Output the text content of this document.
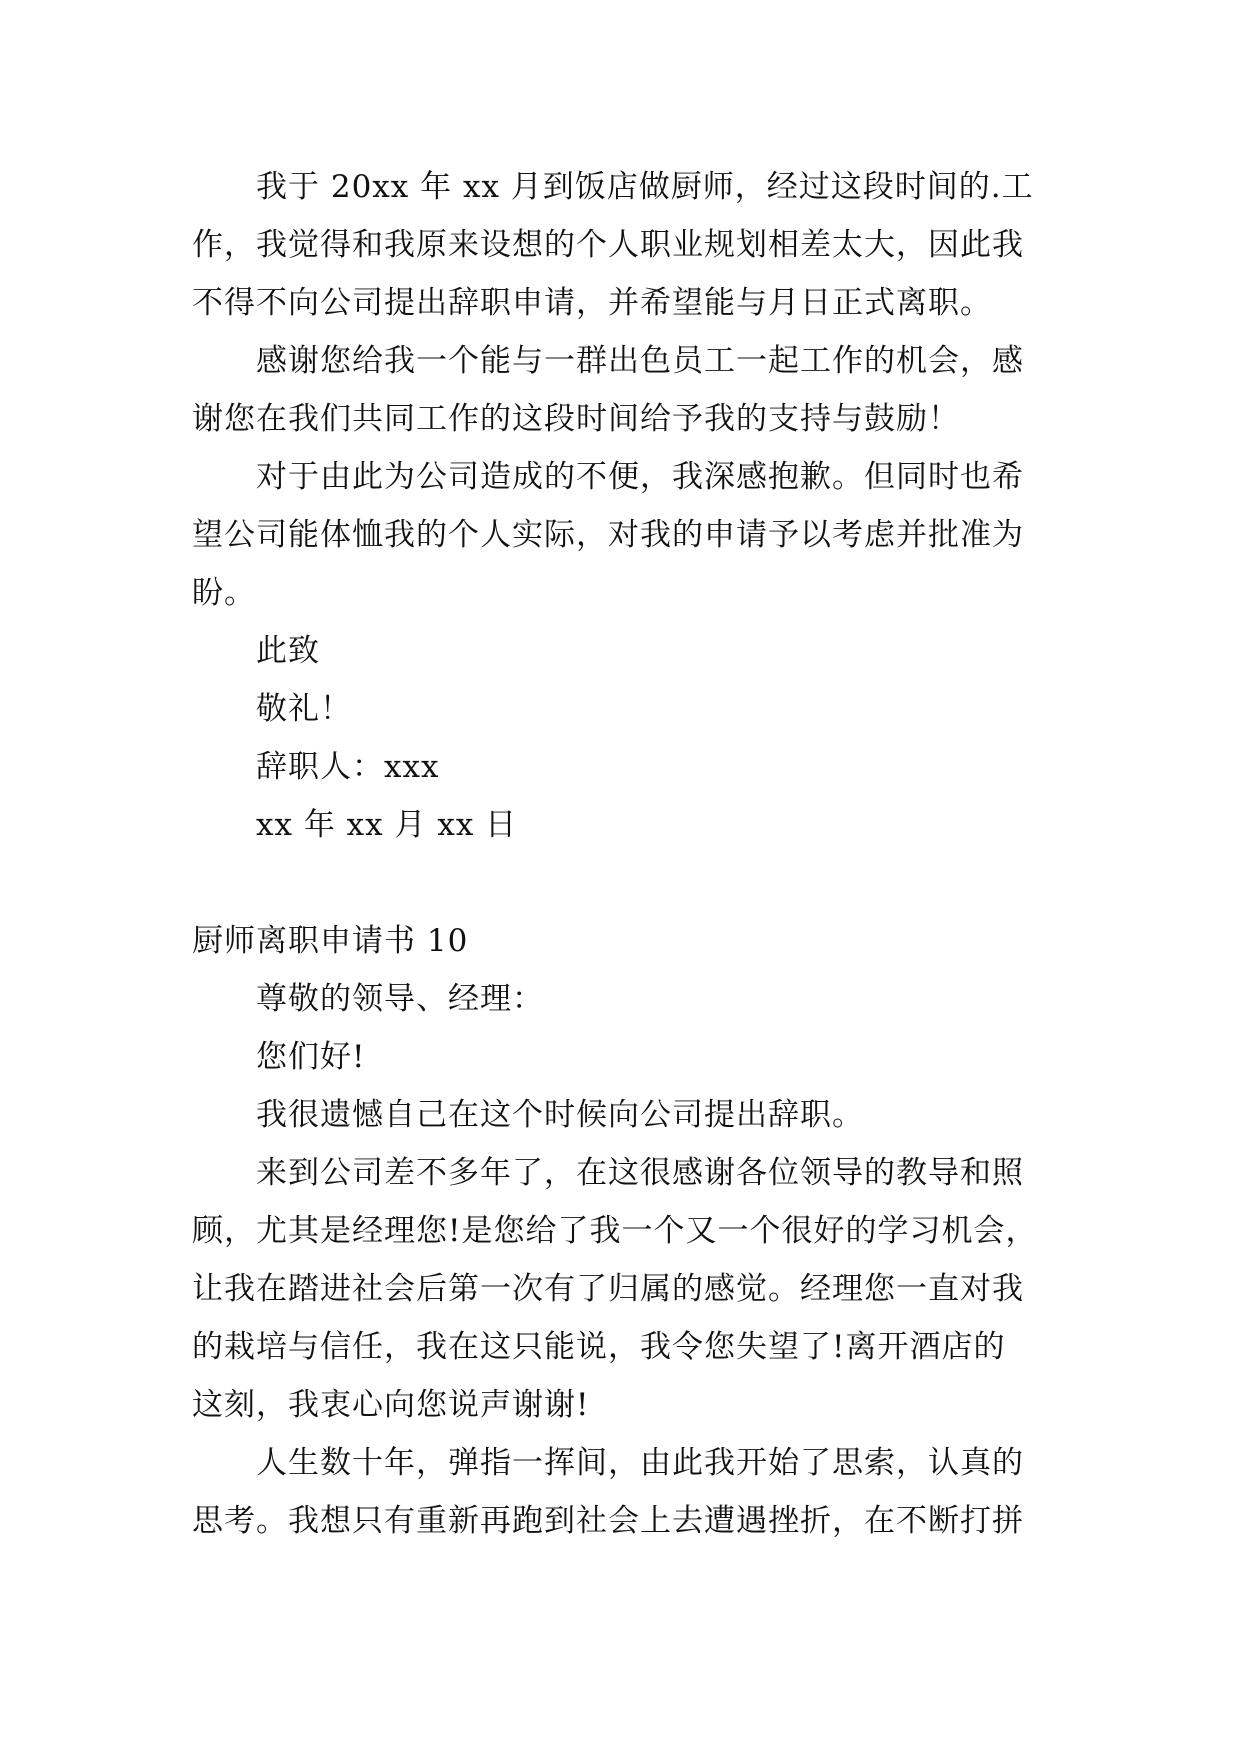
我于 20xx 年 xx 月到饭店做厨师，经过这段时间的.工
作，我觉得和我原来设想的个人职业规划相差太大，因此我
不得不向公司提出辞职申请，并希望能与月日正式离职。
感谢您给我一个能与一群出色员工一起工作的机会，感
谢您在我们共同工作的这段时间给予我的支持与鼓励！
对于由此为公司造成的不便，我深感抱歉。但同时也希
望公司能体恤我的个人实际，对我的申请予以考虑并批准为
盼。
此致
敬礼！
辞职人：xxx
xx 年 xx 月 xx 日
厨师离职申请书 10
尊敬的领导、经理：
您们好!
我很遗憾自己在这个时候向公司提出辞职。
来到公司差不多年了，在这很感谢各位领导的教导和照
顾，尤其是经理您!是您给了我一个又一个很好的学习机会，
让我在踏进社会后第一次有了归属的感觉。经理您一直对我
的栽培与信任，我在这只能说，我令您失望了!离开酒店的
这刻，我衷心向您说声谢谢!
人生数十年，弹指一挥间，由此我开始了思索，认真的
思考。我想只有重新再跑到社会上去遭遇挫折，在不断打拼
